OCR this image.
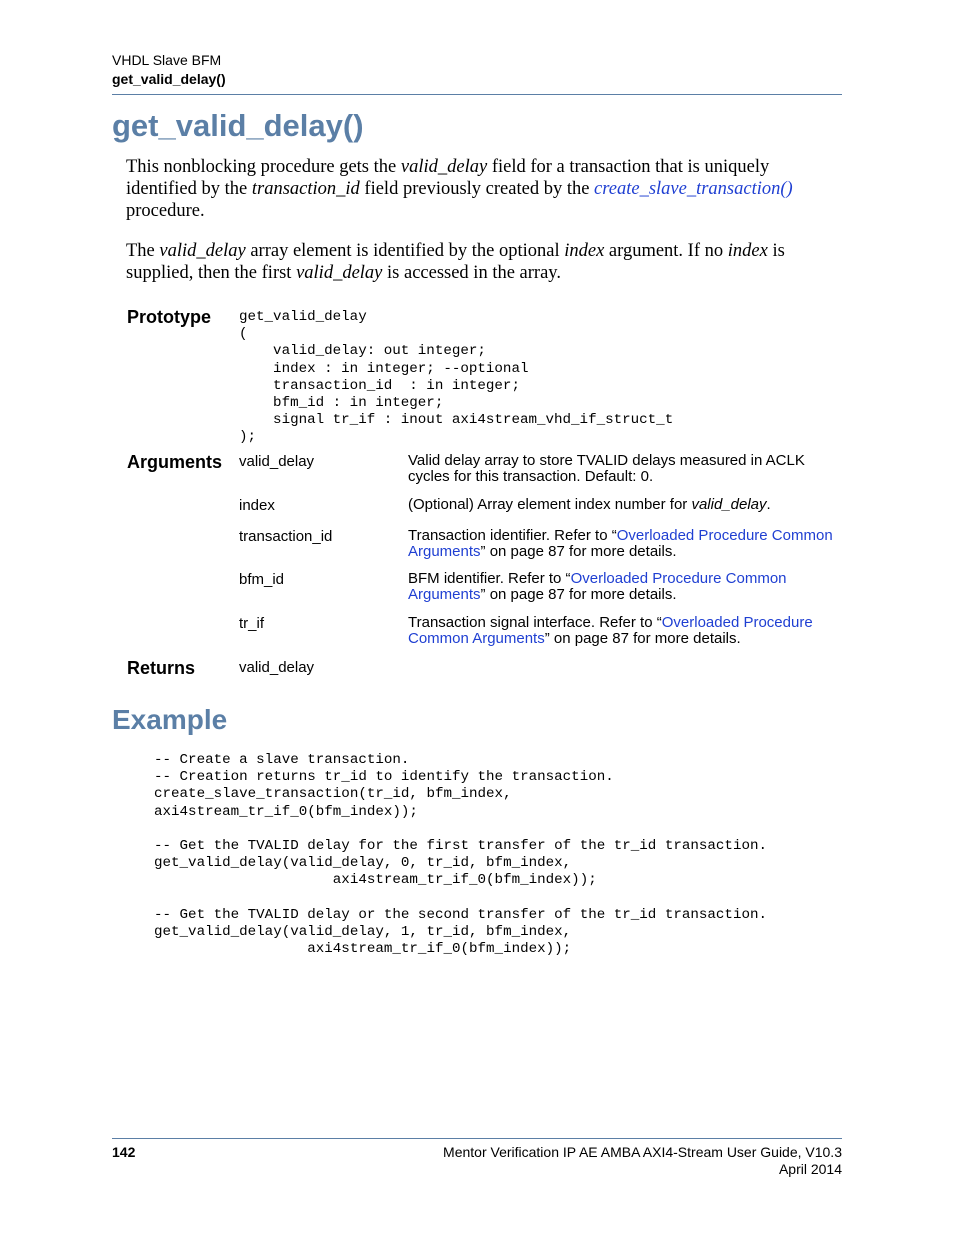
VHDL Slave BFM
get_valid_delay()
get_valid_delay()
This nonblocking procedure gets the valid_delay field for a transaction that is uniquely identified by the transaction_id field previously created by the create_slave_transaction() procedure.
The valid_delay array element is identified by the optional index argument. If no index is supplied, then the first valid_delay is accessed in the array.
Prototype get_valid_delay
(
valid_delay: out integer;
index : in integer; --optional
transaction_id  : in integer;
bfm_id : in integer;
signal tr_if : inout axi4stream_vhd_if_struct_t
);
Arguments valid_delay	Valid delay array to store TVALID delays measured in ACLK cycles for this transaction. Default: 0.
index	(Optional) Array element index number for valid_delay.
transaction_id	Transaction identifier. Refer to “Overloaded Procedure Common Arguments” on page 87 for more details.
bfm_id	BFM identifier. Refer to “Overloaded Procedure Common Arguments” on page 87 for more details.
tr_if	Transaction signal interface. Refer to “Overloaded Procedure Common Arguments” on page 87 for more details.
Returns	valid_delay
Example
-- Create a slave transaction.
-- Creation returns tr_id to identify the transaction.
create_slave_transaction(tr_id, bfm_index,
axi4stream_tr_if_0(bfm_index));
-- Get the TVALID delay for the first transfer of the tr_id transaction.
get_valid_delay(valid_delay, 0, tr_id, bfm_index,
axi4stream_tr_if_0(bfm_index));
-- Get the TVALID delay or the second transfer of the tr_id transaction.
get_valid_delay(valid_delay, 1, tr_id, bfm_index,
axi4stream_tr_if_0(bfm_index));
142	Mentor Verification IP AE AMBA AXI4-Stream User Guide, V10.3
April 2014
